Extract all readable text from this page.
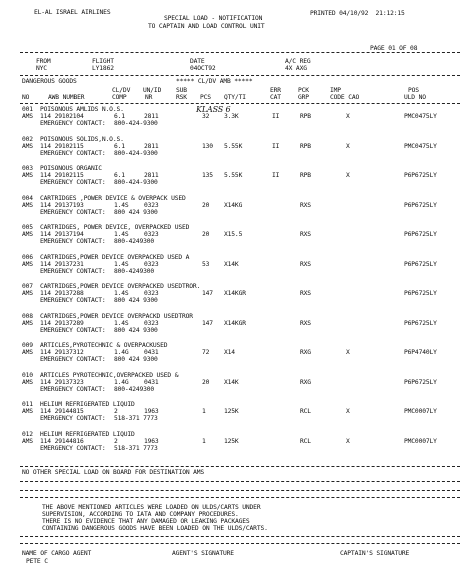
EL-AL ISRAEL AIRLINES
SPECIAL LOAD - NOTIFICATION
PRINTED 04/10/92  21:12:15
TO CAPTAIN AND LOAD CONTROL UNIT
PAGE 01 OF 08
FROM
NYC
FLIGHT
LY1862
DATE
04OCT92
A/C REG
4X AXG
DANGEROUS GOODS	***** CL/DV AMB *****
CL/DV UN/ID SUB	ERR	PCK	IMP	POS
NO	AWB NUMBER	COMP	NR	RSK PCS QTY/TI	CAT	GRP	CODE CAO	ULD NO
001 POISONOUS AMLIDS N.O.S.
AMS 114 29102104	6.1	2811	32 3.3K	II	RPB	X	PMC0475LY
EMERGENCY CONTACT: 800-424-9300
002 POISONOUS SOLIDS,N.O.S.
AMS 114 29102115	6.1	2811	130 5.55K	II	RPB	X	PMC0475LY
EMERGENCY CONTACT: 800-424-9300
003 POISONOUS ORGANIC
AMS 114 29102115	6.1	2811	135 5.55K	II	RPB	X	P6P6725LY
EMERGENCY CONTACT: 800-424-9300
004 CARTRIDGES ,POWER DEVICE & OVERPACK USED
AMS 114 29137193	1.4S 0323	20 X14KG	RXS	P6P6725LY
EMERGENCY CONTACT: 800 424 9300
005 CARTRIDGES, POWER DEVICE, OVERPACKED USED
AMS 114 29137194	1.4S 0323	20 X15.5	RXS	P6P6725LY
EMERGENCY CONTACT: 800-4249300
006 CARTRIDGES,POWER DEVICE OVERPACKED USED A
AMS 114 29137231	1.4S 0323	53 X14K	RXS	P6P6725LY
EMERGENCY CONTACT: 800-4249300
007 CARTRIDGES,POWER DEVICE OVERPACKED USEDTROR.
AMS 114 29137288	1.4S 0323	147 X14KGR	RXS	P6P6725LY
EMERGENCY CONTACT: 800 424 9300
008 CARTRIDGES,POWER DEVICE OVERPACKD USEDTROR
AMS 114 29137289	1.4S 0323	147 X14KGR	RXS	P6P6725LY
EMERGENCY CONTACT: 800 424 9300
009 ARTICLES,PYROTECHNIC & OVERPACKUSED
AMS 114 29137312	1.4G 0431	72 X14	RXG	X	P6P4740LY
EMERGENCY CONTACT: 800 424 9300
010 ARTICLES PYROTECHNIC,OVERPACKED USED &
AMS 114 29137323	1.4G 0431	20 X14K	RXG	P6P6725LY
EMERGENCY CONTACT: 800-4249300
011 HELIUM REFRIGERATED LIQUID
AMS 114 29144815	2	1963	1	125K	RCL	X	PMC0007LY
EMERGENCY CONTACT: 518-371 7773
012 HELIUM REFRIGERATED LIQUID
AMS 114 29144816	2	1963	1	125K	RCL	X	PMC0007LY
EMERGENCY CONTACT: 518-371 7773
KLASS 6
NO OTHER SPECIAL LOAD ON BOARD FOR DESTINATION AMS
THE ABOVE MENTIONED ARTICLES WERE LOADED ON ULDS/CARTS UNDER
SUPERVISION, ACCORDING TO IATA AND COMPANY PROCEDURES.
THERE IS NO EVIDENCE THAT ANY DAMAGED OR LEAKING PACKAGES
CONTAINING DANGEROUS GOODS HAVE BEEN LOADED ON THE ULDS/CARTS.
NAME OF CARGO AGENT	AGENT'S SIGNATURE	CAPTAIN'S SIGNATURE
PETE C
